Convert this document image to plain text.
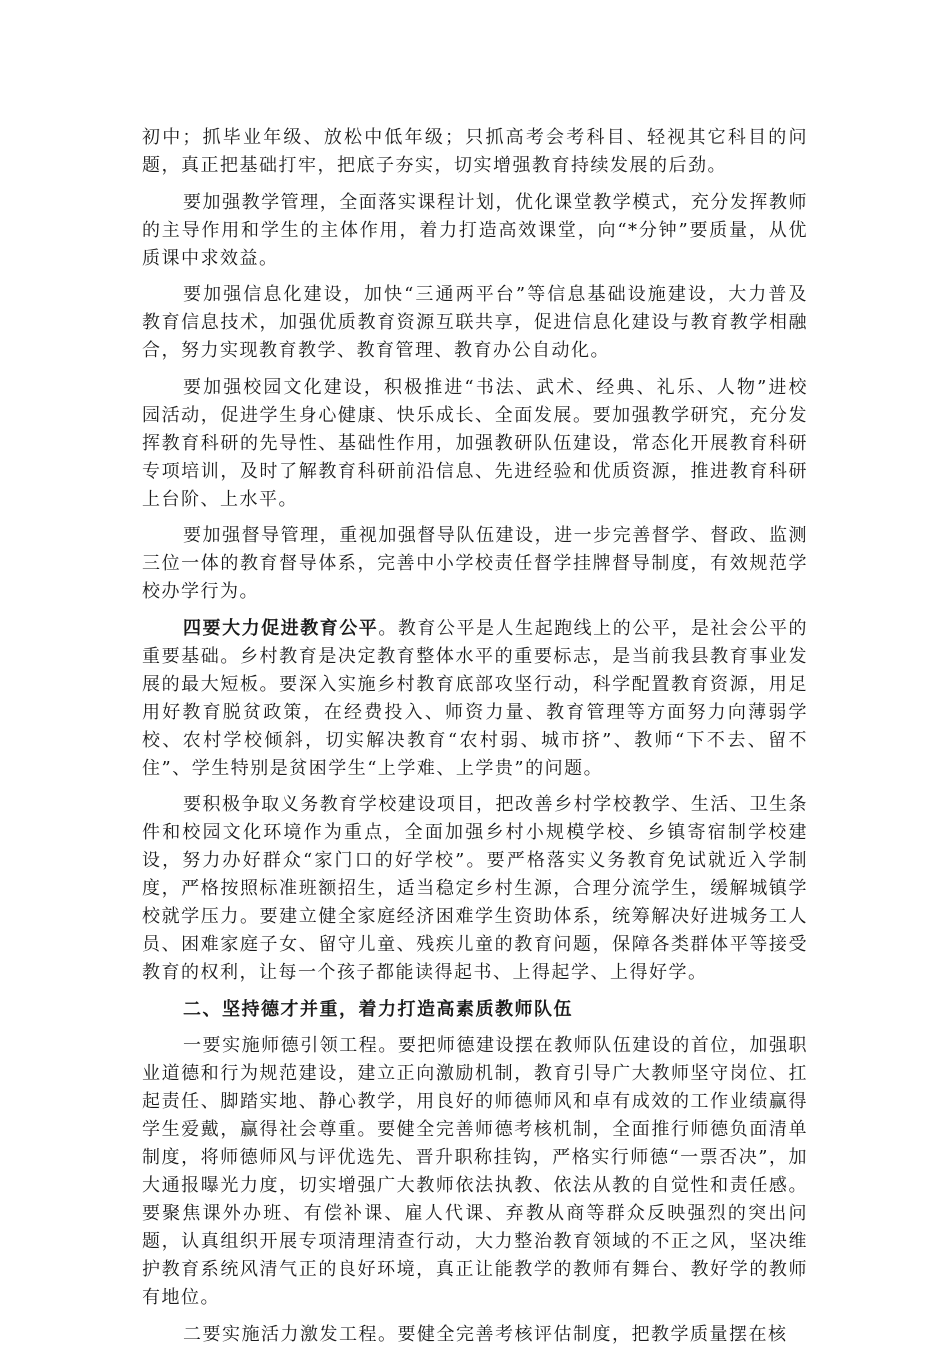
初中；抓毕业年级、放松中低年级；只抓高考会考科目、轻视其它科目的问题，真正把基础打牢，把底子夯实，切实增强教育持续发展的后劲。

要加强教学管理，全面落实课程计划，优化课堂教学模式，充分发挥教师的主导作用和学生的主体作用，着力打造高效课堂，向“*分钟”要质量，从优质课中求效益。

要加强信息化建设，加快“三通两平台”等信息基础设施建设，大力普及教育信息技术，加强优质教育资源互联共享，促进信息化建设与教育教学相融合，努力实现教育教学、教育管理、教育办公自动化。

要加强校园文化建设，积极推进“书法、武术、经典、礼乐、人物”进校园活动，促进学生身心健康、快乐成长、全面发展。要加强教学研究，充分发挥教育科研的先导性、基础性作用，加强教研队伍建设，常态化开展教育科研专项培训，及时了解教育科研前沿信息、先进经验和优质资源，推进教育科研上台阶、上水平。

要加强督导管理，重视加强督导队伍建设，进一步完善督学、督政、监测三位一体的教育督导体系，完善中小学校责任督学挂牌督导制度，有效规范学校办学行为。

四要大力促进教育公平。教育公平是人生起跑线上的公平，是社会公平的重要基础。乡村教育是决定教育整体水平的重要标志，是当前我县教育事业发展的最大短板。要深入实施乡村教育底部攻坚行动，科学配置教育资源，用足用好教育脱贫政策，在经费投入、师资力量、教育管理等方面努力向薄弱学校、农村学校倾斜，切实解决教育“农村弱、城市挤”、教师“下不去、留不住”、学生特别是贫困学生“上学难、上学贵”的问题。

要积极争取义务教育学校建设项目，把改善乡村学校教学、生活、卫生条件和校园文化环境作为重点，全面加强乡村小规模学校、乡镇寄宿制学校建设，努力办好群众“家门口的好学校”。要严格落实义务教育免试就近入学制度，严格按照标准班额招生，适当稳定乡村生源，合理分流学生，缓解城镇学校就学压力。要建立健全家庭经济困难学生资助体系，统筹解决好进城务工人员、困难家庭子女、留守儿童、残疾儿童的教育问题，保障各类群体平等接受教育的权利，让每一个孩子都能读得起书、上得起学、上得好学。

二、坚持德才并重，着力打造高素质教师队伍

一要实施师德引领工程。要把师德建设摆在教师队伍建设的首位，加强职业道德和行为规范建设，建立正向激励机制，教育引导广大教师坚守岗位、扛起责任、脚踏实地、静心教学，用良好的师德师风和卓有成效的工作业绩赢得学生爱戴，赢得社会尊重。要健全完善师德考核机制，全面推行师德负面清单制度，将师德师风与评优选先、晋升职称挂钩，严格实行师德“一票否决”，加大通报曝光力度，切实增强广大教师依法执教、依法从教的自觉性和责任感。要聚焦课外办班、有偿补课、雇人代课、弃教从商等群众反映强烈的突出问题，认真组织开展专项清理清查行动，大力整治教育领域的不正之风，坚决维护教育系统风清气正的良好环境，真正让能教学的教师有舞台、教好学的教师有地位。

二要实施活力激发工程。要健全完善考核评估制度，把教学质量摆在核
